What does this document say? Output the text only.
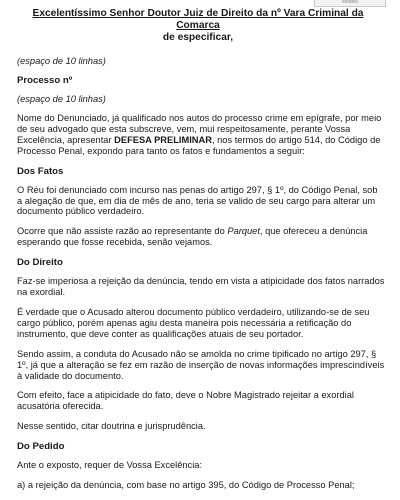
Modelo
Excelentíssimo Senhor Doutor Juiz de Direito da nº Vara Criminal da Comarca
de especificar,
(espaço de 10 linhas)
Processo nº
(espaço de 10 linhas)

Nome do Denunciado, já qualificado nos autos do processo crime em epígrafe, por meio de seu advogado que esta subscreve, vem, mui respeitosamente, perante Vossa Excelência, apresentar DEFESA PRELIMINAR, nos termos do artigo 514, do Código de Processo Penal, expondo para tanto os fatos e fundamentos a seguir:

Dos Fatos

O Réu foi denunciado com incurso nas penas do artigo 297, § 1º, do Código Penal, sob a alegação de que, em dia de mês de ano, teria se valido de seu cargo para alterar um documento público verdadeiro.

Ocorre que não assiste razão ao representante do Parquet, que ofereceu a denúncia esperando que fosse recebida, senão vejamos.

Do Direito

Faz-se imperiosa a rejeição da denúncia, tendo em vista a atipicidade dos fatos narrados na exordial.

É verdade que o Acusado alterou documento público verdadeiro, utilizando-se de seu cargo público, porém apenas agiu desta maneira pois necessária a retificação do instrumento, que deve conter as qualificações atuais de seu portador.

Sendo assim, a conduta do Acusado não se amolda no crime tipificado no artigo 297, § 1º, já que a alteração se fez em razão de inserção de novas informações imprescindíveis à validade do documento.

Com efeito, face a atipicidade do fato, deve o Nobre Magistrado rejeitar a exordial acusatória oferecida.

Nesse sentido, citar doutrina e jurisprudência.

Do Pedido

Ante o exposto, requer de Vossa Excelência:

a) a rejeição da denúncia, com base no artigo 395, do Código de Processo Penal;
